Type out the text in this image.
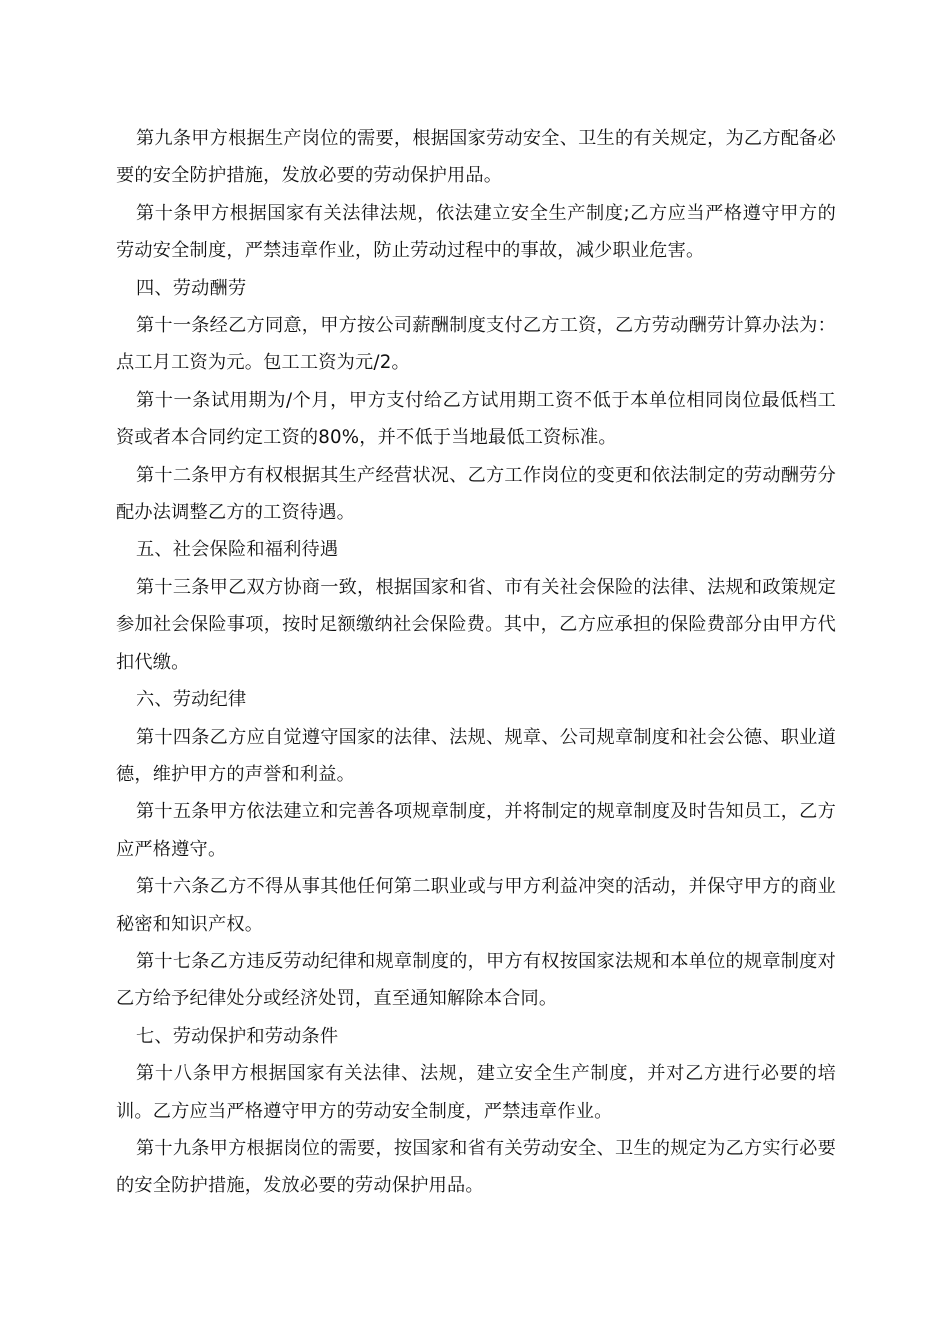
第九条甲方根据生产岗位的需要，根据国家劳动安全、卫生的有关规定，为乙方配备必要的安全防护措施，发放必要的劳动保护用品。

第十条甲方根据国家有关法律法规，依法建立安全生产制度;乙方应当严格遵守甲方的劳动安全制度，严禁违章作业，防止劳动过程中的事故，减少职业危害。

四、劳动酬劳

第十一条经乙方同意，甲方按公司薪酬制度支付乙方工资，乙方劳动酬劳计算办法为：点工月工资为元。包工工资为元/2。

第十一条试用期为/个月，甲方支付给乙方试用期工资不低于本单位相同岗位最低档工资或者本合同约定工资的80%，并不低于当地最低工资标准。

第十二条甲方有权根据其生产经营状况、乙方工作岗位的变更和依法制定的劳动酬劳分配办法调整乙方的工资待遇。

五、社会保险和福利待遇

第十三条甲乙双方协商一致，根据国家和省、市有关社会保险的法律、法规和政策规定参加社会保险事项，按时足额缴纳社会保险费。其中，乙方应承担的保险费部分由甲方代扣代缴。

六、劳动纪律

第十四条乙方应自觉遵守国家的法律、法规、规章、公司规章制度和社会公德、职业道德，维护甲方的声誉和利益。

第十五条甲方依法建立和完善各项规章制度，并将制定的规章制度及时告知员工，乙方应严格遵守。

第十六条乙方不得从事其他任何第二职业或与甲方利益冲突的活动，并保守甲方的商业秘密和知识产权。

第十七条乙方违反劳动纪律和规章制度的，甲方有权按国家法规和本单位的规章制度对乙方给予纪律处分或经济处罚，直至通知解除本合同。

七、劳动保护和劳动条件

第十八条甲方根据国家有关法律、法规，建立安全生产制度，并对乙方进行必要的培训。乙方应当严格遵守甲方的劳动安全制度，严禁违章作业。

第十九条甲方根据岗位的需要，按国家和省有关劳动安全、卫生的规定为乙方实行必要的安全防护措施，发放必要的劳动保护用品。
